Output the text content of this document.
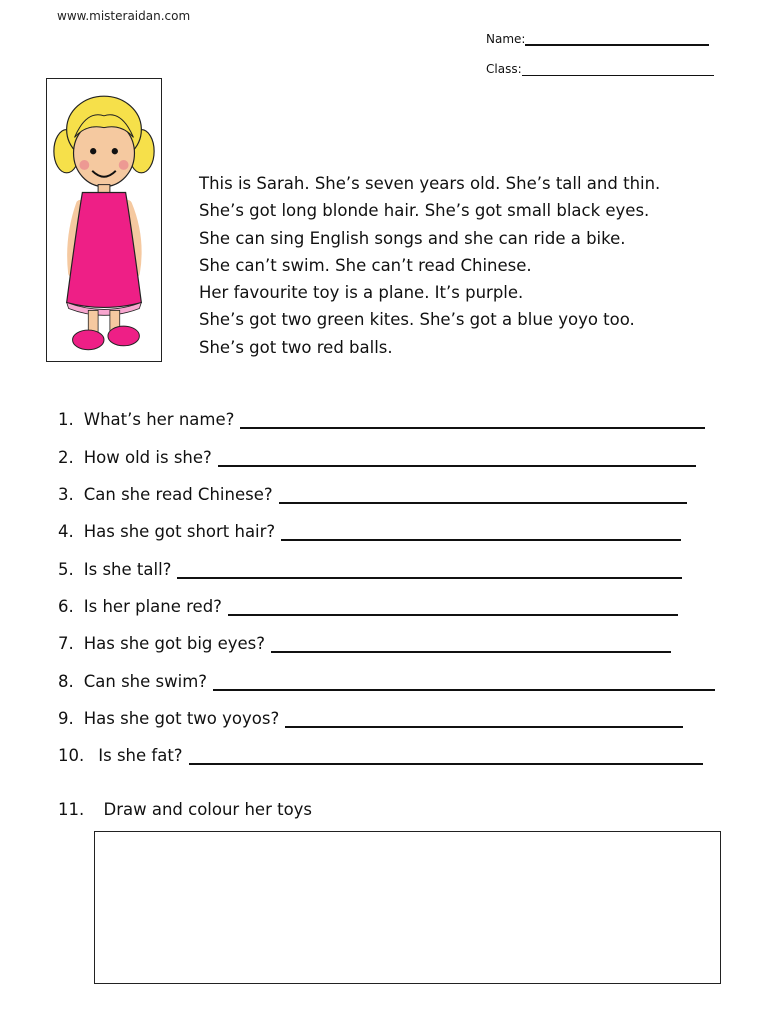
www.misteraidan.com
Name:
Class:
This is Sarah. She’s seven years old. She’s tall and thin.
She’s got long blonde hair. She’s got small black eyes.
She can sing English songs and she can ride a bike.
She can’t swim. She can’t read Chinese.
Her favourite toy is a plane. It’s purple.
She’s got two green kites. She’s got a blue yoyo too.
She’s got two red balls.
1. What’s her name?
2. How old is she?
3. Can she read Chinese?
4. Has she got short hair?
5. Is she tall?
6. Is her plane red?
7. Has she got big eyes?
8. Can she swim?
9. Has she got two yoyos?
10. Is she fat?
11. Draw and colour her toys
